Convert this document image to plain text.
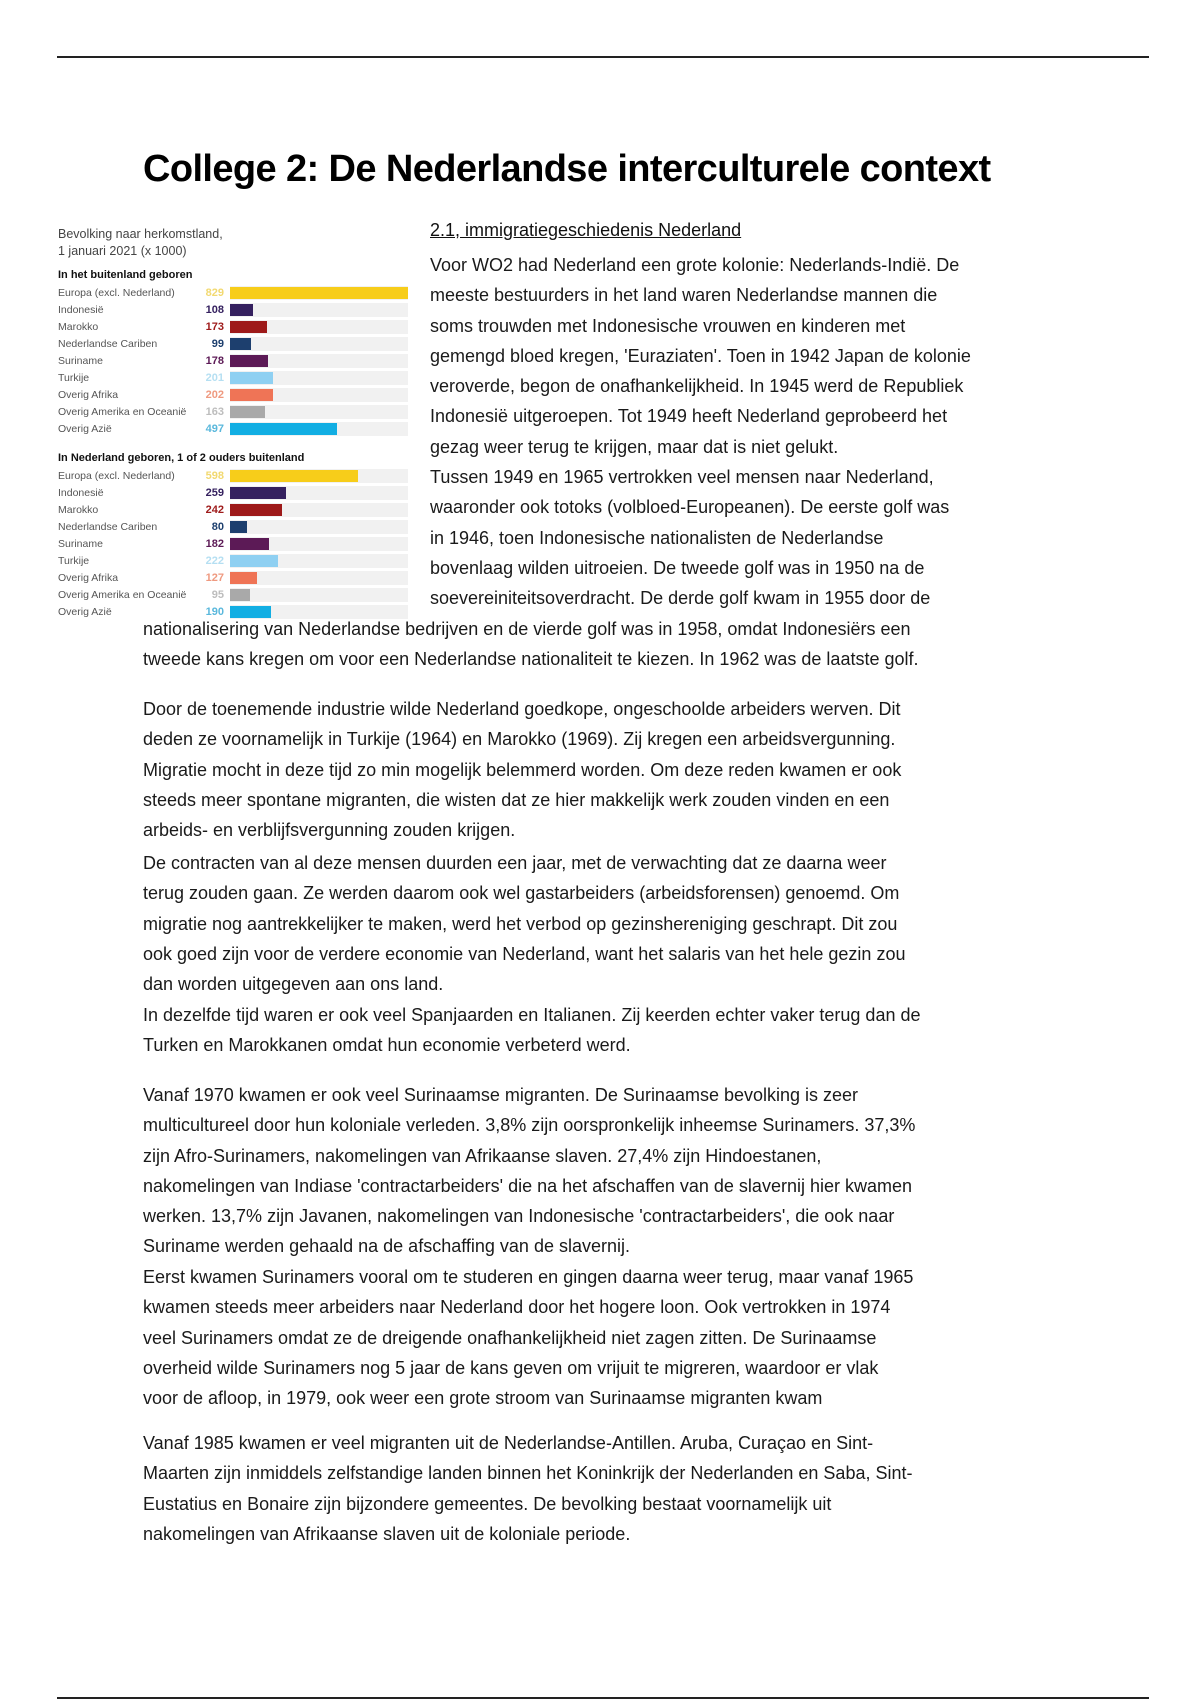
College 2: De Nederlandse interculturele context
Bevolking naar herkomstland,
1 januari 2021 (x 1000)
In het buitenland geboren
Europa (excl. Nederland)	829
Indonesië	108
Marokko	173
Nederlandse Cariben	99
Suriname	178
Turkije	201
Overig Afrika	202
Overig Amerika en Oceanië	163
Overig Azië	497
In Nederland geboren, 1 of 2 ouders buitenland
Europa (excl. Nederland)	598
Indonesië	259
Marokko	242
Nederlandse Cariben	80
Suriname	182
Turkije	222
Overig Afrika	127
Overig Amerika en Oceanië	95
Overig Azië	190
2.1, immigratiegeschiedenis Nederland
Voor WO2 had Nederland een grote kolonie: Nederlands-Indië. De
meeste bestuurders in het land waren Nederlandse mannen die
soms trouwden met Indonesische vrouwen en kinderen met
gemengd bloed kregen, 'Euraziaten'. Toen in 1942 Japan de kolonie
veroverde, begon de onafhankelijkheid. In 1945 werd de Republiek
Indonesië uitgeroepen. Tot 1949 heeft Nederland geprobeerd het
gezag weer terug te krijgen, maar dat is niet gelukt.
Tussen 1949 en 1965 vertrokken veel mensen naar Nederland,
waaronder ook totoks (volbloed-Europeanen). De eerste golf was
in 1946, toen Indonesische nationalisten de Nederlandse
bovenlaag wilden uitroeien. De tweede golf was in 1950 na de
soevereiniteitsoverdracht. De derde golf kwam in 1955 door de
nationalisering van Nederlandse bedrijven en de vierde golf was in 1958, omdat Indonesiërs een
tweede kans kregen om voor een Nederlandse nationaliteit te kiezen. In 1962 was de laatste golf.
Door de toenemende industrie wilde Nederland goedkope, ongeschoolde arbeiders werven. Dit
deden ze voornamelijk in Turkije (1964) en Marokko (1969). Zij kregen een arbeidsvergunning.
Migratie mocht in deze tijd zo min mogelijk belemmerd worden. Om deze reden kwamen er ook
steeds meer spontane migranten, die wisten dat ze hier makkelijk werk zouden vinden en een
arbeids- en verblijfsvergunning zouden krijgen.
De contracten van al deze mensen duurden een jaar, met de verwachting dat ze daarna weer
terug zouden gaan. Ze werden daarom ook wel gastarbeiders (arbeidsforensen) genoemd. Om
migratie nog aantrekkelijker te maken, werd het verbod op gezinshereniging geschrapt. Dit zou
ook goed zijn voor de verdere economie van Nederland, want het salaris van het hele gezin zou
dan worden uitgegeven aan ons land.
In dezelfde tijd waren er ook veel Spanjaarden en Italianen. Zij keerden echter vaker terug dan de
Turken en Marokkanen omdat hun economie verbeterd werd.
Vanaf 1970 kwamen er ook veel Surinaamse migranten. De Surinaamse bevolking is zeer
multicultureel door hun koloniale verleden. 3,8% zijn oorspronkelijk inheemse Surinamers. 37,3%
zijn Afro-Surinamers, nakomelingen van Afrikaanse slaven. 27,4% zijn Hindoestanen,
nakomelingen van Indiase 'contractarbeiders' die na het afschaffen van de slavernij hier kwamen
werken. 13,7% zijn Javanen, nakomelingen van Indonesische 'contractarbeiders', die ook naar
Suriname werden gehaald na de afschaffing van de slavernij.
Eerst kwamen Surinamers vooral om te studeren en gingen daarna weer terug, maar vanaf 1965
kwamen steeds meer arbeiders naar Nederland door het hogere loon. Ook vertrokken in 1974
veel Surinamers omdat ze de dreigende onafhankelijkheid niet zagen zitten. De Surinaamse
overheid wilde Surinamers nog 5 jaar de kans geven om vrijuit te migreren, waardoor er vlak
voor de afloop, in 1979, ook weer een grote stroom van Surinaamse migranten kwam
Vanaf 1985 kwamen er veel migranten uit de Nederlandse-Antillen. Aruba, Curaçao en Sint-
Maarten zijn inmiddels zelfstandige landen binnen het Koninkrijk der Nederlanden en Saba, Sint-
Eustatius en Bonaire zijn bijzondere gemeentes. De bevolking bestaat voornamelijk uit
nakomelingen van Afrikaanse slaven uit de koloniale periode.
